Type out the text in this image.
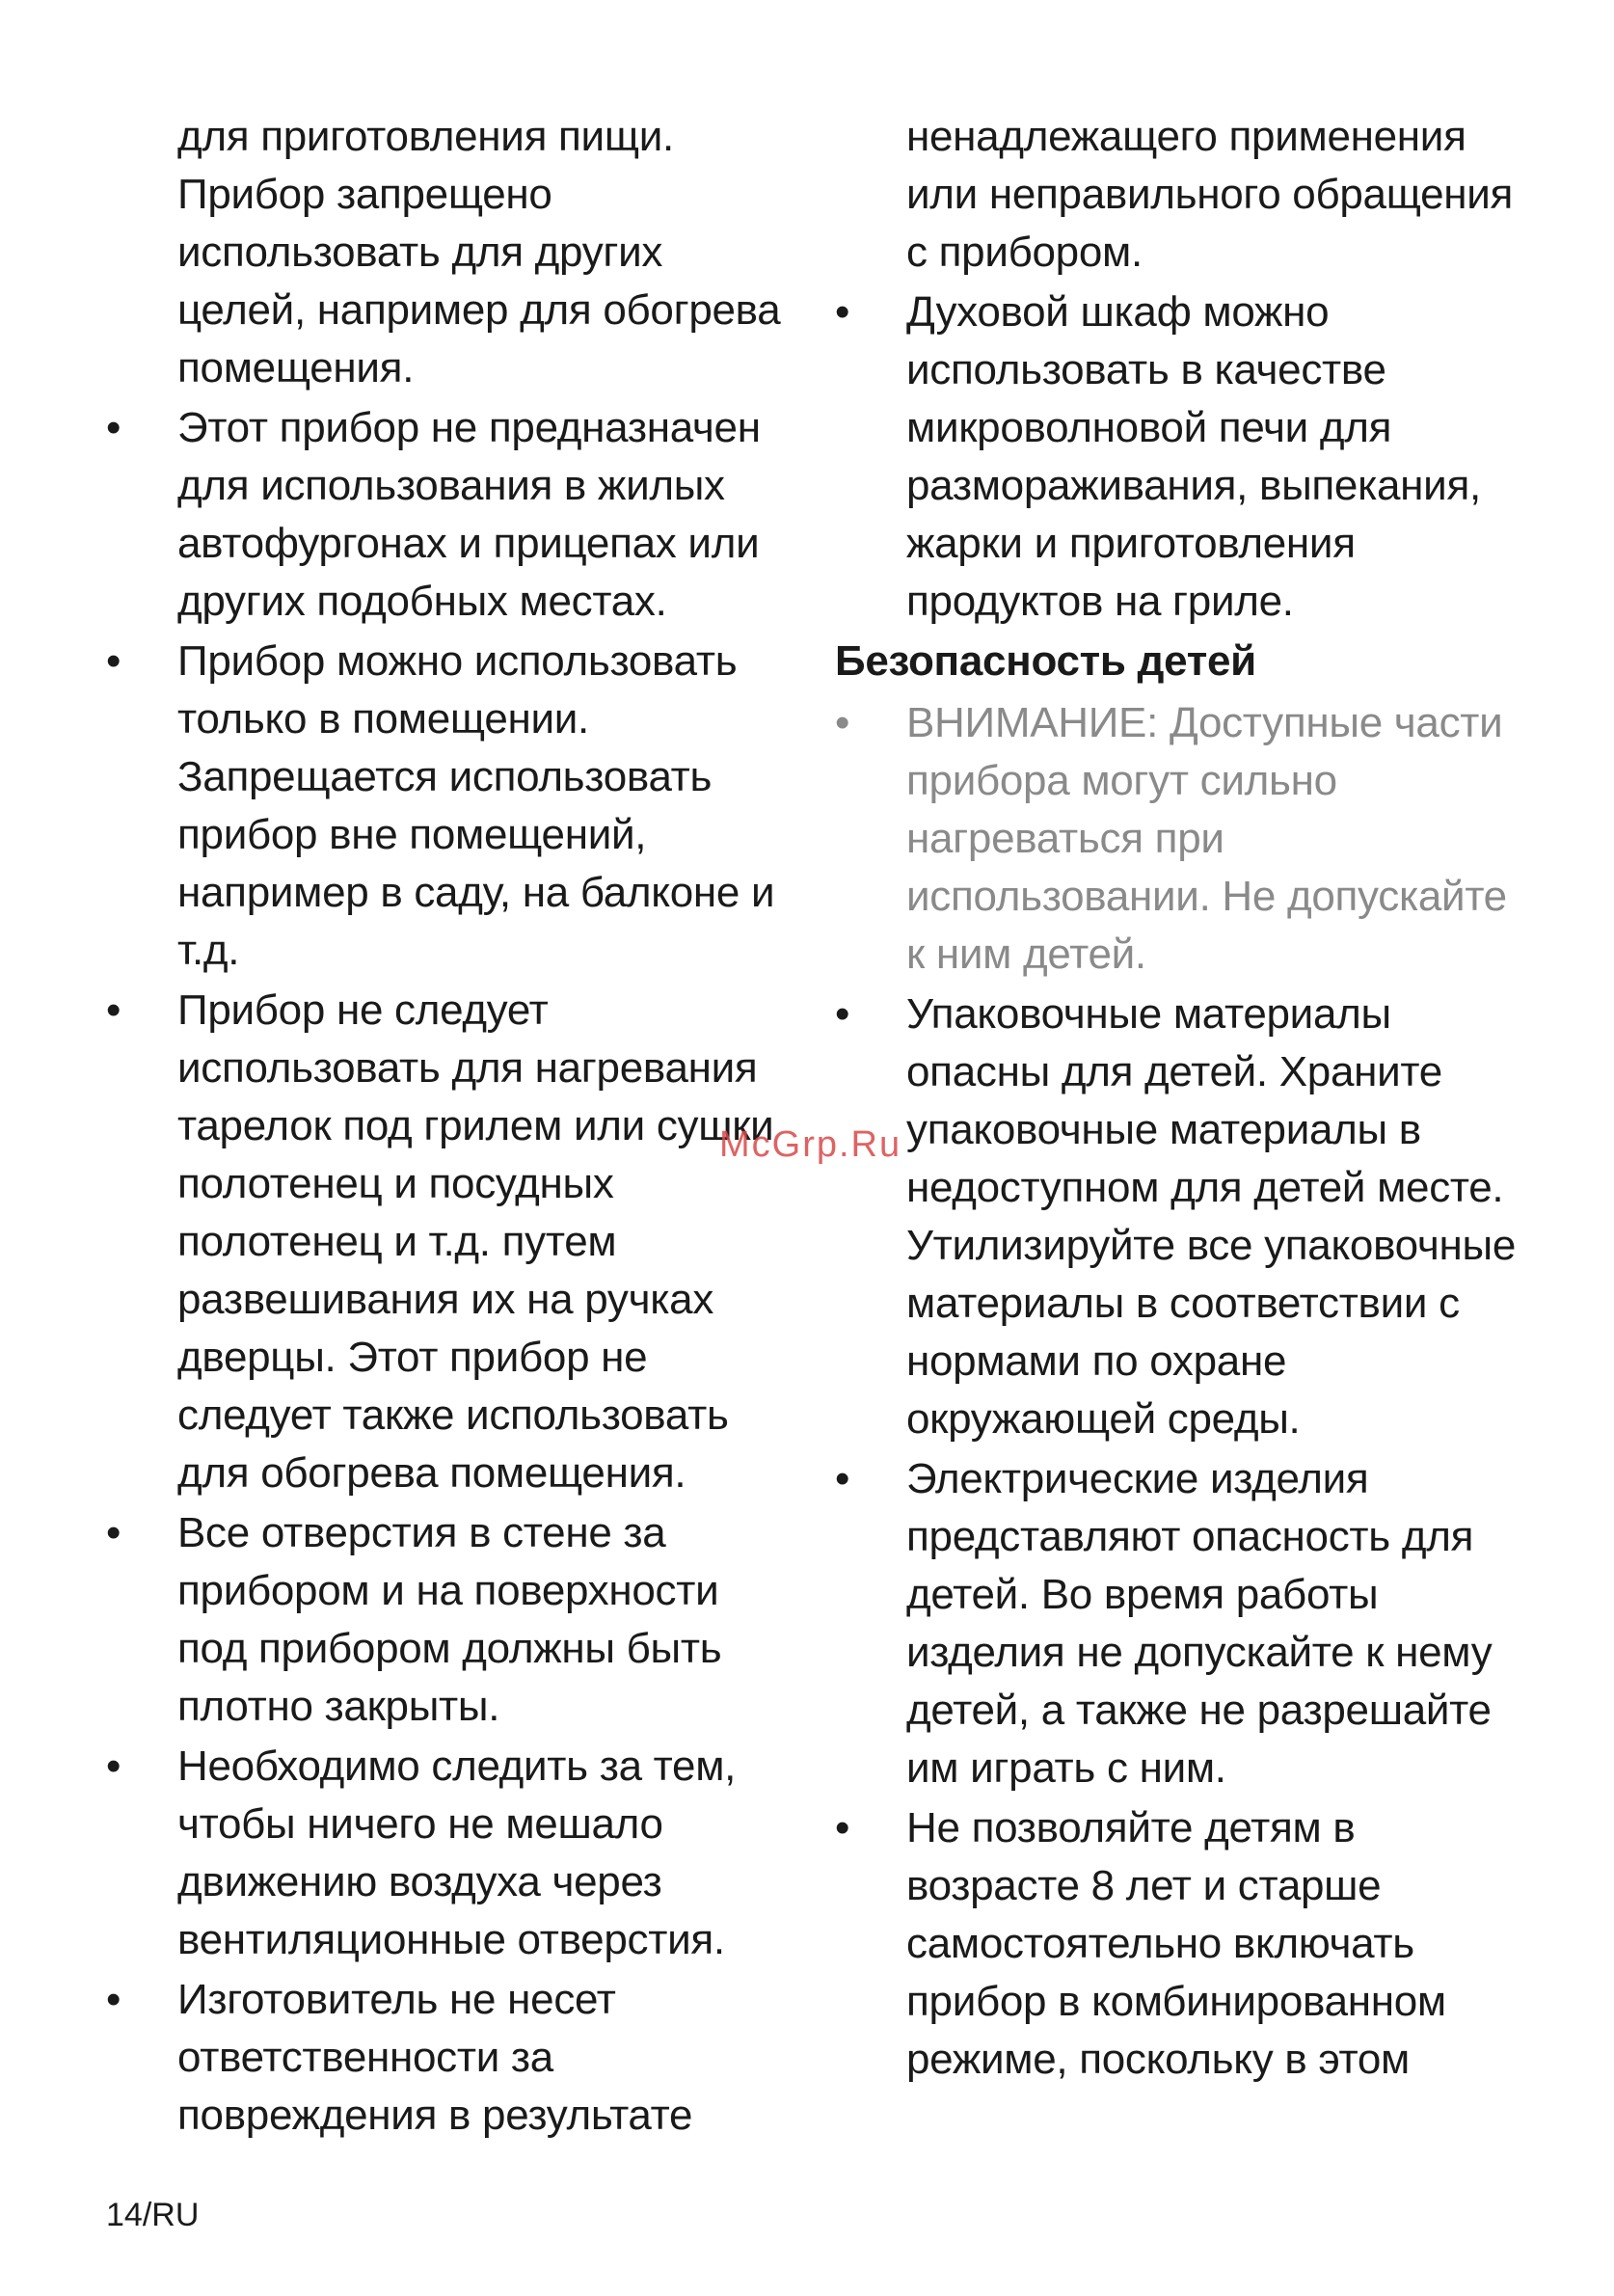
для приготовления пищи.
Прибор запрещено
использовать для других
целей, например для обогрева
помещения.

• Этот прибор не предназначен
для использования в жилых
автофургонах и прицепах или
других подобных местах.

• Прибор можно использовать
только в помещении.
Запрещается использовать
прибор вне помещений,
например в саду, на балконе и
т.д.

• Прибор не следует
использовать для нагревания
тарелок под грилем или сушки
полотенец и посудных
полотенец и т.д. путем
развешивания их на ручках
дверцы. Этот прибор не
следует также использовать
для обогрева помещения.

• Все отверстия в стене за
прибором и на поверхности
под прибором должны быть
плотно закрыты.

• Необходимо следить за тем,
чтобы ничего не мешало
движению воздуха через
вентиляционные отверстия.

• Изготовитель не несет
ответственности за
повреждения в результате

ненадлежащего применения
или неправильного обращения
с прибором.

• Духовой шкаф можно
использовать в качестве
микроволновой печи для
размораживания, выпекания,
жарки и приготовления
продуктов на гриле.

Безопасность детей

• ВНИМАНИЕ: Доступные части
прибора могут сильно
нагреваться при
использовании. Не допускайте
к ним детей.

• Упаковочные материалы
опасны для детей. Храните
упаковочные материалы в
недоступном для детей месте.
Утилизируйте все упаковочные
материалы в соответствии с
нормами по охране
окружающей среды.

• Электрические изделия
представляют опасность для
детей. Во время работы
изделия не допускайте к нему
детей, а также не разрешайте
им играть с ним.

• Не позволяйте детям в
возрасте 8 лет и старше
самостоятельно включать
прибор в комбинированном
режиме, поскольку в этом

McGrp.Ru
14/RU
